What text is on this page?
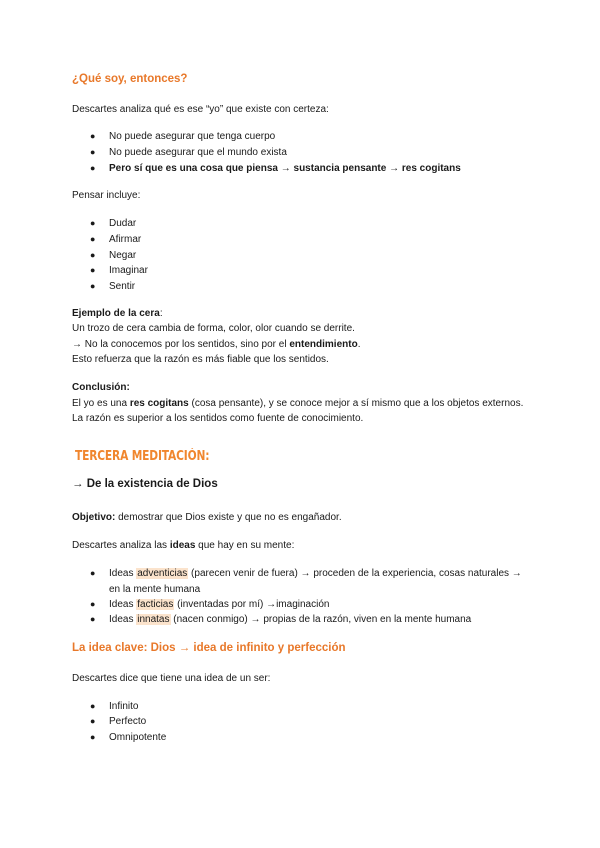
¿Qué soy, entonces?
Descartes analiza qué es ese “yo” que existe con certeza:
● No puede asegurar que tenga cuerpo
● No puede asegurar que el mundo exista
● Pero sí que es una cosa que piensa → sustancia pensante → res cogitans
Pensar incluye:
● Dudar
● Afirmar
● Negar
● Imaginar
● Sentir
Ejemplo de la cera:
Un trozo de cera cambia de forma, color, olor cuando se derrite.
→ No la conocemos por los sentidos, sino por el entendimiento.
Esto refuerza que la razón es más fiable que los sentidos.
Conclusión:
El yo es una res cogitans (cosa pensante), y se conoce mejor a sí mismo que a los objetos externos.
La razón es superior a los sentidos como fuente de conocimiento.
TERCERA MEDITACIÓN:
→ De la existencia de Dios
Objetivo: demostrar que Dios existe y que no es engañador.
Descartes analiza las ideas que hay en su mente:
● Ideas adventicias (parecen venir de fuera) → proceden de la experiencia, cosas naturales →
en la mente humana
● Ideas facticias (inventadas por mí) →imaginación
● Ideas innatas (nacen conmigo) → propias de la razón, viven en la mente humana
La idea clave: Dios → idea de infinito y perfección
Descartes dice que tiene una idea de un ser:
● Infinito
● Perfecto
● Omnipotente
